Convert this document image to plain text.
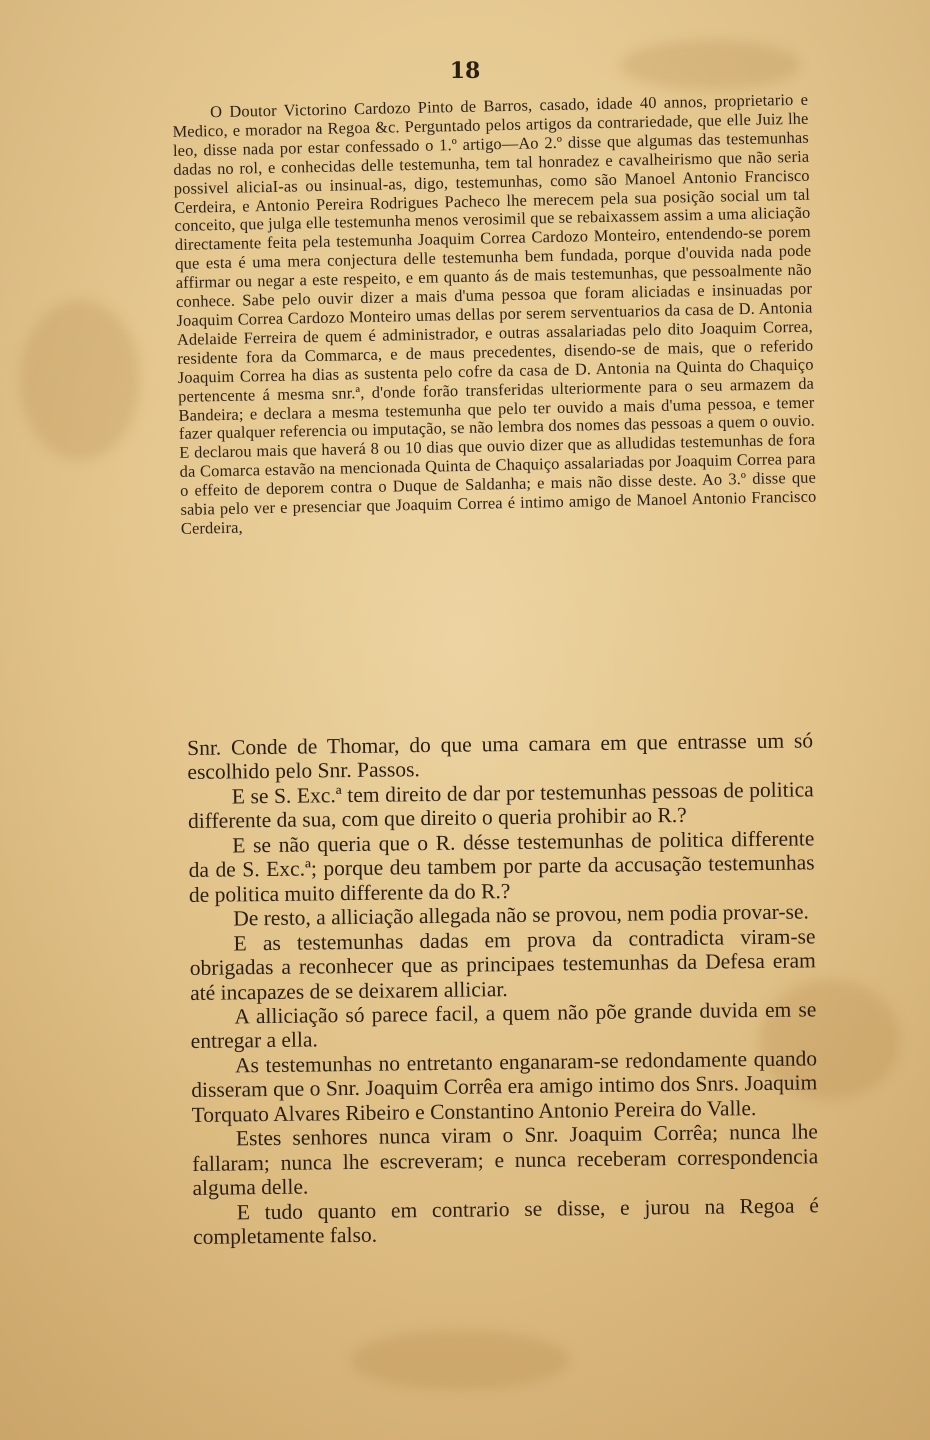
18

O Doutor Victorino Cardozo Pinto de Barros, casado, idade 40 annos, proprietario e Medico, e morador na Regoa &c. Perguntado pelos artigos da contrariedade, que elle Juiz lhe leo, disse nada por estar confessado o 1.º artigo—Ao 2.º disse que algumas das testemunhas dadas no rol, e conhecidas delle testemunha, tem tal honradez e cavalheirismo que não seria possivel aliciaI-as ou insinual-as, digo, testemunhas, como são Manoel Antonio Francisco Cerdeira, e Antonio Pereira Rodrigues Pacheco lhe merecem pela sua posição social um tal conceito, que julga elle testemunha menos verosimil que se rebaixassem assim a uma aliciação directamente feita pela testemunha Joaquim Correa Cardozo Monteiro, entendendo-se porem que esta é uma mera conjectura delle testemunha bem fundada, porque d'ouvida nada pode affirmar ou negar a este respeito, e em quanto ás de mais testemunhas, que pessoalmente não conhece. Sabe pelo ouvir dizer a mais d'uma pessoa que foram aliciadas e insinuadas por Joaquim Correa Cardozo Monteiro umas dellas por serem serventuarios da casa de D. Antonia Adelaide Ferreira de quem é administrador, e outras assalariadas pelo dito Joaquim Correa, residente fora da Commarca, e de maus precedentes, disendo-se de mais, que o referido Joaquim Correa ha dias as sustenta pelo cofre da casa de D. Antonia na Quinta do Chaquiço pertencente á mesma snr.ª, d'onde forão transferidas ulteriormente para o seu armazem da Bandeira; e declara a mesma testemunha que pelo ter ouvido a mais d'uma pessoa, e temer fazer qualquer referencia ou imputação, se não lembra dos nomes das pessoas a quem o ouvio. E declarou mais que haverá 8 ou 10 dias que ouvio dizer que as alludidas testemunhas de fora da Comarca estavão na mencionada Quinta de Chaquiço assalariadas por Joaquim Correa para o effeito de deporem contra o Duque de Saldanha; e mais não disse deste. Ao 3.º disse que sabia pelo ver e presenciar que Joaquim Correa é intimo amigo de Manoel Antonio Francisco Cerdeira,

Snr. Conde de Thomar, do que uma camara em que entrasse um só escolhido pelo Snr. Passos.

E se S. Exc.ª tem direito de dar por testemunhas pessoas de politica differente da sua, com que direito o queria prohibir ao R.?

E se não queria que o R. désse testemunhas de politica differente da de S. Exc.ª; porque deu tambem por parte da accusação testemunhas de politica muito differente da do R.?

De resto, a alliciação allegada não se provou, nem podia provar-se.

E as testemunhas dadas em prova da contradicta viram-se obrigadas a reconhecer que as principaes testemunhas da Defesa eram até incapazes de se deixarem alliciar.

A alliciação só parece facil, a quem não põe grande duvida em se entregar a ella.

As testemunhas no entretanto enganaram-se redondamente quando disseram que o Snr. Joaquim Corrêa era amigo intimo dos Snrs. Joaquim Torquato Alvares Ribeiro e Constantino Antonio Pereira do Valle.

Estes senhores nunca viram o Snr. Joaquim Corrêa; nunca lhe fallaram; nunca lhe escreveram; e nunca receberam correspondencia alguma delle.

E tudo quanto em contrario se disse, e jurou na Regoa é completamente falso.
